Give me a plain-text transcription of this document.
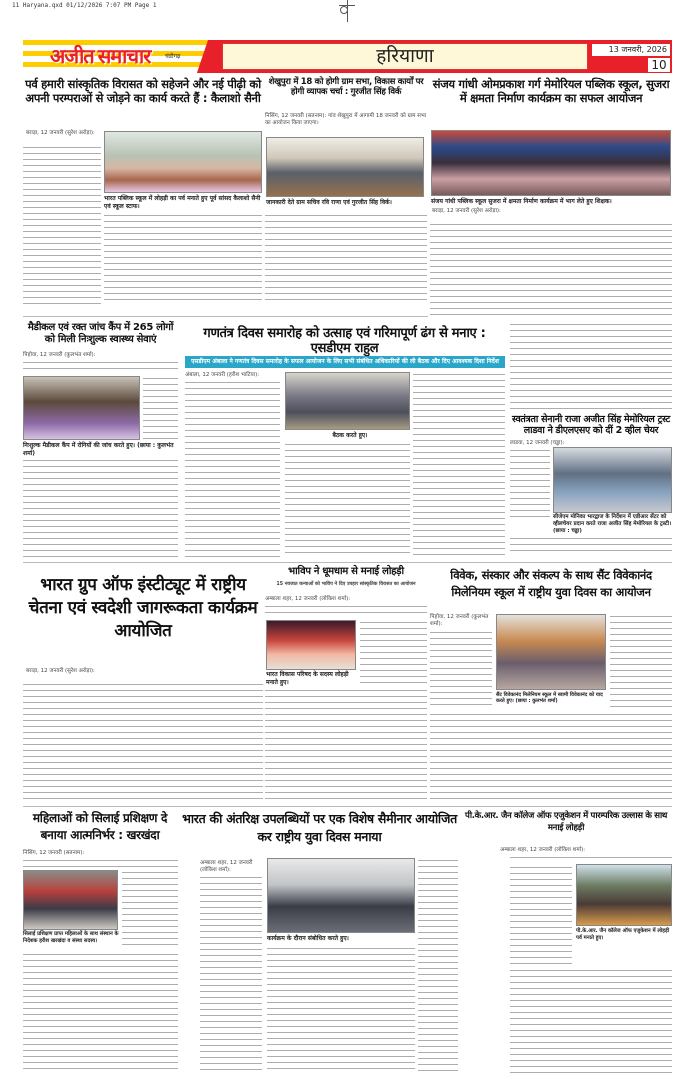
11 Haryana.qxd 01/12/2026 7:07 PM Page 1
अजीत समाचार चंडीगढ़	हरियाणा	13 जनवरी, 2026
10
पर्व हमारी सांस्कृतिक विरासत को सहेजने और नई पीढ़ी को अपनी परम्पराओं से जोड़ने का कार्य करते हैं : कैलाशो सैनी
बराड़ा, 12 जनवरी (सुरेश अरोड़ा):
भारत पब्लिक स्कूल में लोहड़ी का पर्व मनाते हुए पूर्व सांसद कैलाशो सैनी एवं स्कूल स्टाफ।
शेखुपुरा में 18 को होगी ग्राम सभा, विकास कार्यों पर होगी व्यापक चर्चा : गुरजीत सिंह विर्क
निसिंग, 12 जनवरी (सतनाम): गांव शेखुपुरा में आगामी 18 जनवरी को ग्राम सभा का आयोजन किया जाएगा।
जानकारी देते ग्राम सचिव रवि राणा एवं गुरजीत सिंह विर्क।
संजय गांधी ओमप्रकाश गर्ग मेमोरियल पब्लिक स्कूल, सुजरा में क्षमता निर्माण कार्यक्रम का सफल आयोजन
संजय गांधी पब्लिक स्कूल सुजरा में क्षमता निर्माण कार्यक्रम में भाग लेते हुए शिक्षक।
बराड़ा, 12 जनवरी (सुरेश अरोड़ा):
मैडीकल एवं रक्त जांच कैंप में 265 लोगों को मिली निःशुल्क स्वास्थ्य सेवाएं
पिहोवा, 12 जनवरी (कुलभंत शर्मा):
निःशुल्क मैडीकल कैंप में रोगियों की जांच करते हुए। (छाया : कुलभंत शर्मा)
गणतंत्र दिवस समारोह को उत्साह एवं गरिमापूर्ण ढंग से मनाए : एसडीएम राहुल
एसडीएम अंबाला ने गणतंत्र दिवस समारोह के सफल आयोजन के लिए सभी संबंधित अधिकारियों की ली बैठक और दिए आवश्यक दिशा निर्देश
अंबाला, 12 जनवरी (हरीश भाटिया):
बैठक करते हुए।
स्वतंत्रता सेनानी राजा अजीत सिंह मेमोरियल ट्रस्ट लाडवा ने डीएलएसए को दीं 2 व्हील चेयर
लाडवा, 12 जनवरी (चड्ढा):
सीजेएम मोनिका भारद्वाज के निर्देशन में एडीआर सेंटर को व्हीलचेयर प्रदान करते राजा अजीत सिंह मेमोरियल के ट्रस्टी। (छाया : चड्ढा)
भारत ग्रुप ऑफ इंस्टीट्यूट में राष्ट्रीय चेतना एवं स्वदेशी जागरूकता कार्यक्रम आयोजित
बराड़ा, 12 जनवरी (सुरेश अरोड़ा):
भाविप ने धूमधाम से मनाई लोहड़ी
15 नवजात कन्याओं को भाविप ने दिए उपहार सांस्कृतिक विरासत का आयोजन
अम्बाला शहर, 12 जनवरी (लोकिश शर्मा):
भारत विकास परिषद के सदस्य लोहड़ी मनाते हुए।
विवेक, संस्कार और संकल्प के साथ सैंट विवेकानंद मिलेनियम स्कूल में राष्ट्रीय युवा दिवस का आयोजन
पिहोवा, 12 जनवरी (कुलभंत शर्मा):
सैंट विवेकानंद मिलेनियम स्कूल में स्वामी विवेकानंद को याद करते हुए। (छाया : कुलभंत शर्मा)
महिलाओं को सिलाई प्रशिक्षण दे बनाया आत्मनिर्भर : खरखंदा
निसिंग, 12 जनवरी (सतनाम):
सिलाई प्रशिक्षण प्राप्त महिलाओं के साथ संस्थान के निदेशक हरीश खरखंदा व संस्था सदस्य।
भारत की अंतरिक्ष उपलब्धियों पर एक विशेष सैमीनार आयोजित कर राष्ट्रीय युवा दिवस मनाया
अम्बाला शहर, 12 जनवरी (लोकिश शर्मा):
कार्यक्रम के दौरान संबोधित करते हुए।
पी.के.आर. जैन कॉलेज ऑफ एजुकेशन में पारम्परिक उल्लास के साथ मनाई लोहड़ी
अम्बाला शहर, 12 जनवरी (लोकिश शर्मा):
पी.के.आर. जैन कॉलेज ऑफ एजुकेशन में लोहड़ी पर्व मनाते हुए।
